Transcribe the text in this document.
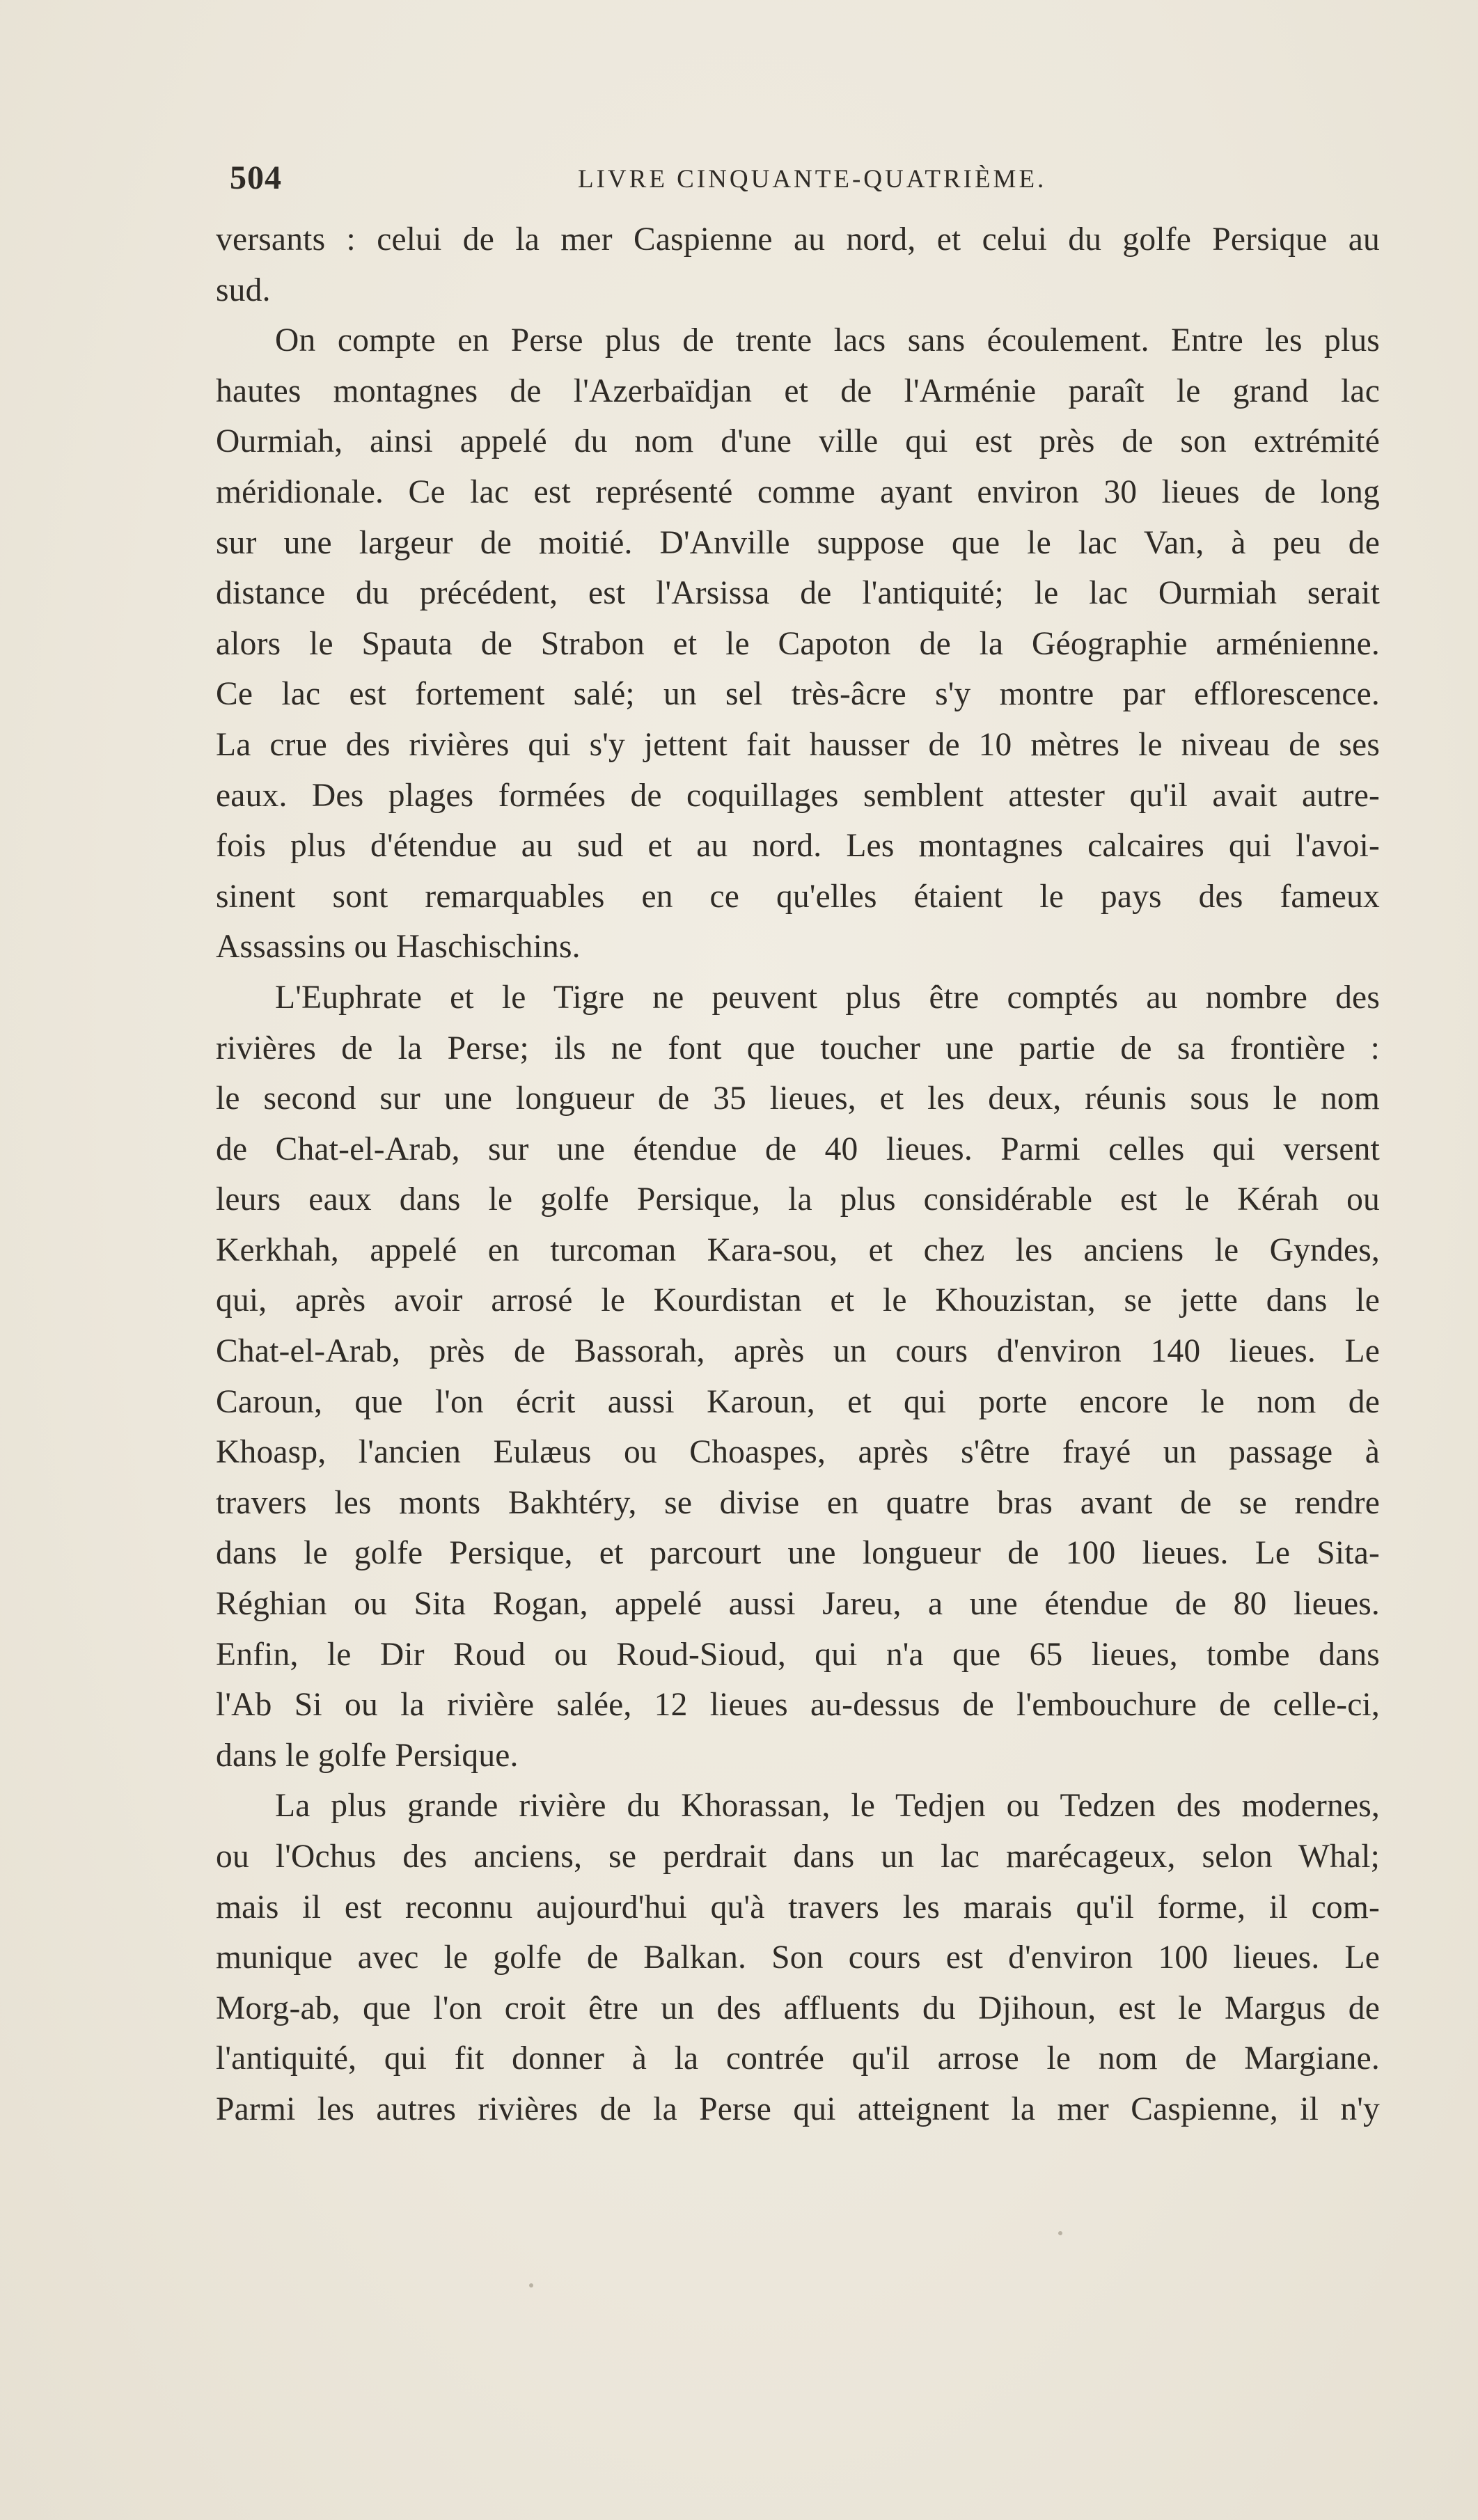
504	LIVRE CINQUANTE-QUATRIÈME.
versants : celui de la mer Caspienne au nord, et celui du golfe Persique au
sud.
On compte en Perse plus de trente lacs sans écoulement. Entre les plus
hautes montagnes de l'Azerbaïdjan et de l'Arménie paraît le grand lac
Ourmiah, ainsi appelé du nom d'une ville qui est près de son extrémité
méridionale. Ce lac est représenté comme ayant environ 30 lieues de long
sur une largeur de moitié. D'Anville suppose que le lac Van, à peu de
distance du précédent, est l'Arsissa de l'antiquité; le lac Ourmiah serait
alors le Spauta de Strabon et le Capoton de la Géographie arménienne.
Ce lac est fortement salé; un sel très-âcre s'y montre par efflorescence.
La crue des rivières qui s'y jettent fait hausser de 10 mètres le niveau de ses
eaux. Des plages formées de coquillages semblent attester qu'il avait autre-
fois plus d'étendue au sud et au nord. Les montagnes calcaires qui l'avoi-
sinent sont remarquables en ce qu'elles étaient le pays des fameux
Assassins ou Haschischins.
L'Euphrate et le Tigre ne peuvent plus être comptés au nombre des
rivières de la Perse; ils ne font que toucher une partie de sa frontière :
le second sur une longueur de 35 lieues, et les deux, réunis sous le nom
de Chat-el-Arab, sur une étendue de 40 lieues. Parmi celles qui versent
leurs eaux dans le golfe Persique, la plus considérable est le Kérah ou
Kerkhah, appelé en turcoman Kara-sou, et chez les anciens le Gyndes,
qui, après avoir arrosé le Kourdistan et le Khouzistan, se jette dans le
Chat-el-Arab, près de Bassorah, après un cours d'environ 140 lieues. Le
Caroun, que l'on écrit aussi Karoun, et qui porte encore le nom de
Khoasp, l'ancien Eulæus ou Choaspes, après s'être frayé un passage à
travers les monts Bakhtéry, se divise en quatre bras avant de se rendre
dans le golfe Persique, et parcourt une longueur de 100 lieues. Le Sita-
Réghian ou Sita Rogan, appelé aussi Jareu, a une étendue de 80 lieues.
Enfin, le Dir Roud ou Roud-Sioud, qui n'a que 65 lieues, tombe dans
l'Ab Si ou la rivière salée, 12 lieues au-dessus de l'embouchure de celle-ci,
dans le golfe Persique.
La plus grande rivière du Khorassan, le Tedjen ou Tedzen des modernes,
ou l'Ochus des anciens, se perdrait dans un lac marécageux, selon Whal;
mais il est reconnu aujourd'hui qu'à travers les marais qu'il forme, il com-
munique avec le golfe de Balkan. Son cours est d'environ 100 lieues. Le
Morg-ab, que l'on croit être un des affluents du Djihoun, est le Margus de
l'antiquité, qui fit donner à la contrée qu'il arrose le nom de Margiane.
Parmi les autres rivières de la Perse qui atteignent la mer Caspienne, il n'y
